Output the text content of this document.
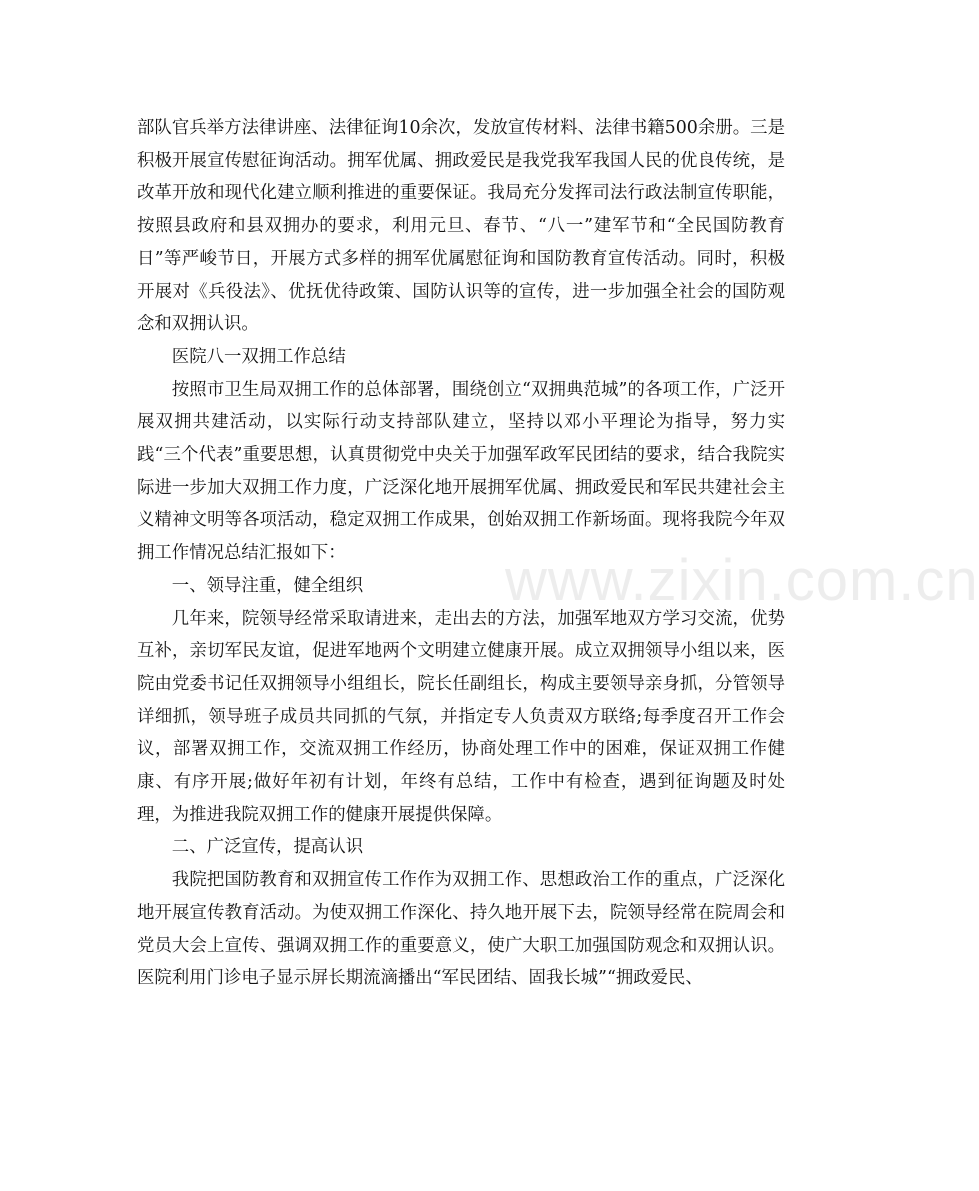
部队官兵举方法律讲座、法律征询10余次，发放宣传材料、法律书籍500余册。三是积极开展宣传慰征询活动。拥军优属、拥政爱民是我党我军我国人民的优良传统，是改革开放和现代化建立顺利推进的重要保证。我局充分发挥司法行政法制宣传职能，按照县政府和县双拥办的要求，利用元旦、春节、“八一”建军节和“全民国防教育日”等严峻节日，开展方式多样的拥军优属慰征询和国防教育宣传活动。同时，积极开展对《兵役法》、优抚优待政策、国防认识等的宣传，进一步加强全社会的国防观念和双拥认识。

医院八一双拥工作总结

按照市卫生局双拥工作的总体部署，围绕创立“双拥典范城”的各项工作，广泛开展双拥共建活动，以实际行动支持部队建立，坚持以邓小平理论为指导，努力实践“三个代表”重要思想，认真贯彻党中央关于加强军政军民团结的要求，结合我院实际进一步加大双拥工作力度，广泛深化地开展拥军优属、拥政爱民和军民共建社会主义精神文明等各项活动，稳定双拥工作成果，创始双拥工作新场面。现将我院今年双拥工作情况总结汇报如下：

一、领导注重，健全组织

几年来，院领导经常采取请进来，走出去的方法，加强军地双方学习交流，优势互补，亲切军民友谊，促进军地两个文明建立健康开展。成立双拥领导小组以来，医院由党委书记任双拥领导小组组长，院长任副组长，构成主要领导亲身抓，分管领导详细抓，领导班子成员共同抓的气氛，并指定专人负责双方联络;每季度召开工作会议，部署双拥工作，交流双拥工作经历，协商处理工作中的困难，保证双拥工作健康、有序开展;做好年初有计划，年终有总结，工作中有检查，遇到征询题及时处理，为推进我院双拥工作的健康开展提供保障。

二、广泛宣传，提高认识

我院把国防教育和双拥宣传工作作为双拥工作、思想政治工作的重点，广泛深化地开展宣传教育活动。为使双拥工作深化、持久地开展下去，院领导经常在院周会和党员大会上宣传、强调双拥工作的重要意义，使广大职工加强国防观念和双拥认识。医院利用门诊电子显示屏长期流滴播出“军民团结、固我长城”“拥政爱民、

www.zixin.com.cn
